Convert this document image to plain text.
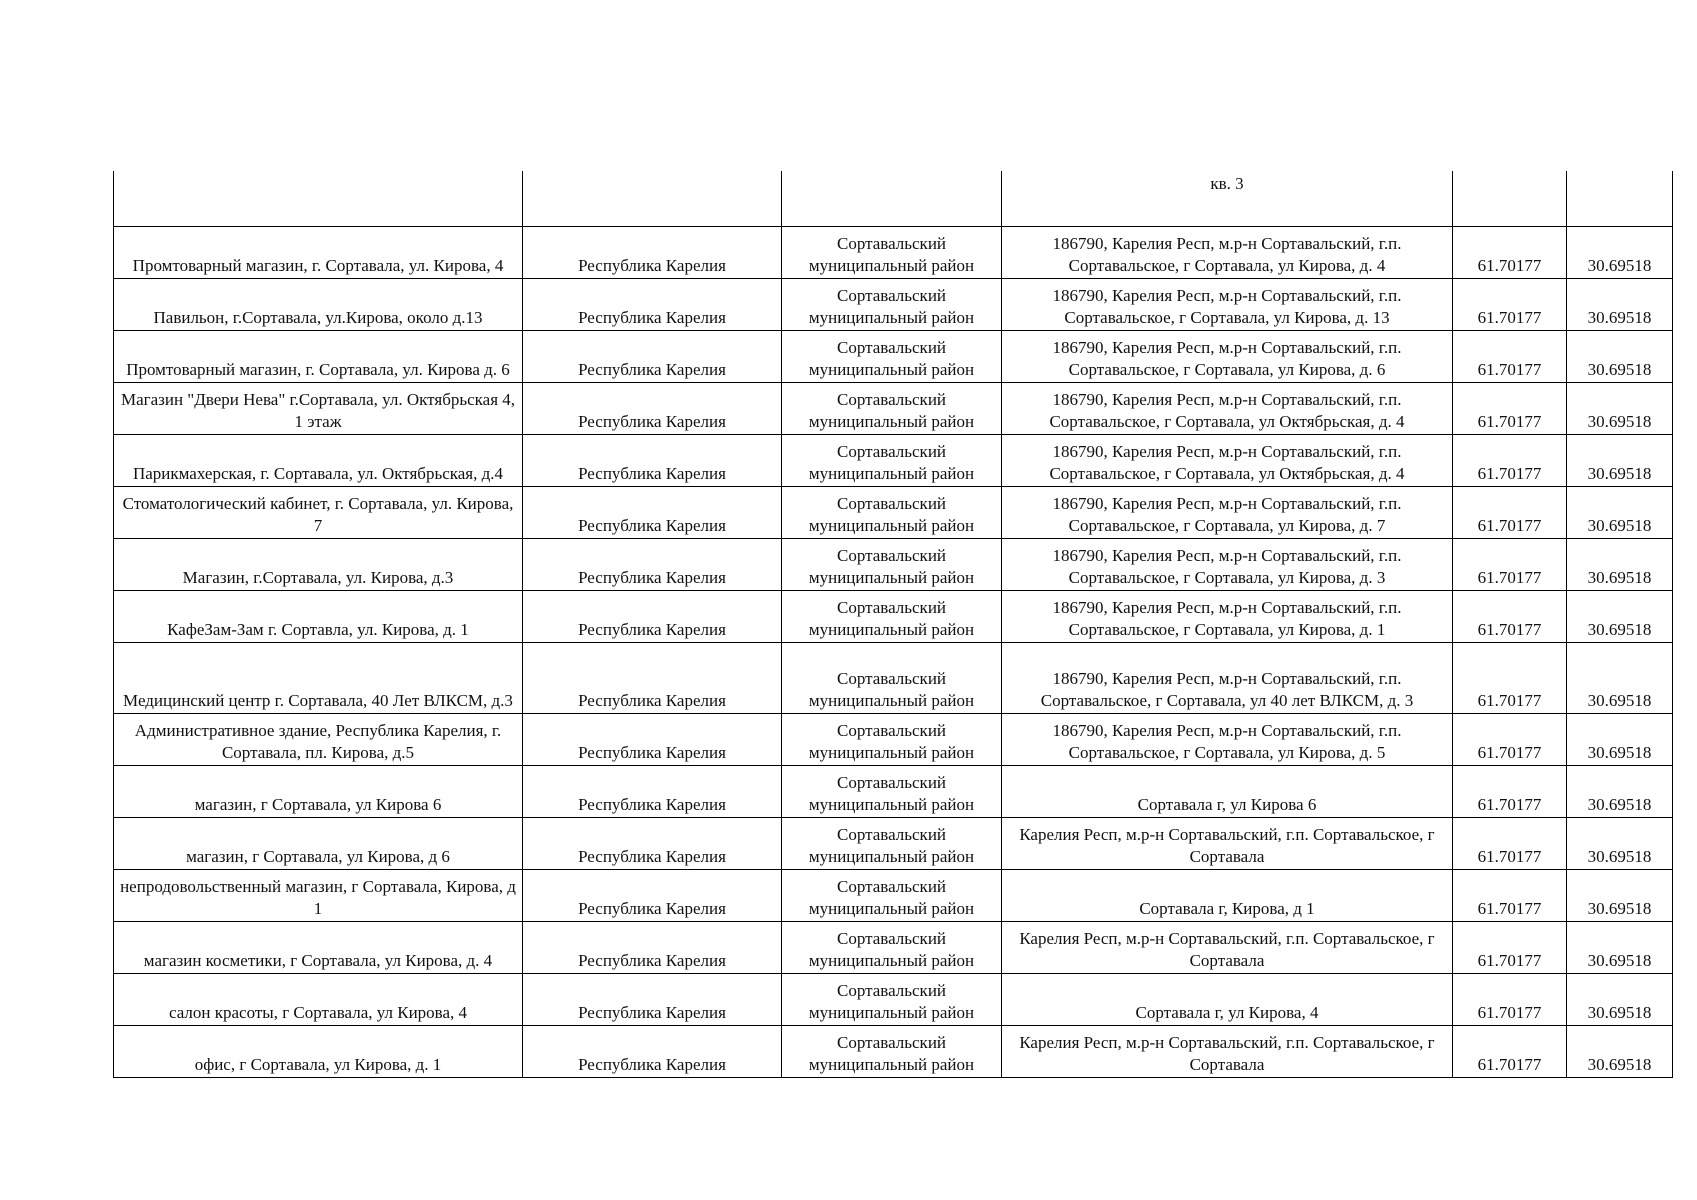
			кв. 3		
Промтоварный магазин, г. Сортавала, ул. Кирова, 4	Республика Карелия	Сортавальский муниципальный район	186790, Карелия Респ, м.р-н Сортавальский, г.п. Сортавальское, г Сортавала, ул Кирова, д. 4	61.70177	30.69518
Павильон, г.Сортавала, ул.Кирова, около д.13	Республика Карелия	Сортавальский муниципальный район	186790, Карелия Респ, м.р-н Сортавальский, г.п. Сортавальское, г Сортавала, ул Кирова, д. 13	61.70177	30.69518
Промтоварный магазин, г. Сортавала, ул. Кирова д. 6	Республика Карелия	Сортавальский муниципальный район	186790, Карелия Респ, м.р-н Сортавальский, г.п. Сортавальское, г Сортавала, ул Кирова, д. 6	61.70177	30.69518
Магазин "Двери Нева" г.Сортавала, ул. Октябрьская 4, 1 этаж	Республика Карелия	Сортавальский муниципальный район	186790, Карелия Респ, м.р-н Сортавальский, г.п. Сортавальское, г Сортавала, ул Октябрьская, д. 4	61.70177	30.69518
Парикмахерская, г. Сортавала, ул. Октябрьская, д.4	Республика Карелия	Сортавальский муниципальный район	186790, Карелия Респ, м.р-н Сортавальский, г.п. Сортавальское, г Сортавала, ул Октябрьская, д. 4	61.70177	30.69518
Стоматологический кабинет, г. Сортавала, ул. Кирова, 7	Республика Карелия	Сортавальский муниципальный район	186790, Карелия Респ, м.р-н Сортавальский, г.п. Сортавальское, г Сортавала, ул Кирова, д. 7	61.70177	30.69518
Магазин, г.Сортавала, ул. Кирова, д.3	Республика Карелия	Сортавальский муниципальный район	186790, Карелия Респ, м.р-н Сортавальский, г.п. Сортавальское, г Сортавала, ул Кирова, д. 3	61.70177	30.69518
КафеЗам-Зам г. Сортавла, ул. Кирова, д. 1	Республика Карелия	Сортавальский муниципальный район	186790, Карелия Респ, м.р-н Сортавальский, г.п. Сортавальское, г Сортавала, ул Кирова, д. 1	61.70177	30.69518
Медицинский центр г. Сортавала, 40 Лет ВЛКСМ, д.3	Республика Карелия	Сортавальский муниципальный район	186790, Карелия Респ, м.р-н Сортавальский, г.п. Сортавальское, г Сортавала, ул 40 лет ВЛКСМ, д. 3	61.70177	30.69518
Административное здание, Республика Карелия, г. Сортавала, пл. Кирова, д.5	Республика Карелия	Сортавальский муниципальный район	186790, Карелия Респ, м.р-н Сортавальский, г.п. Сортавальское, г Сортавала, ул Кирова, д. 5	61.70177	30.69518
магазин, г Сортавала, ул Кирова 6	Республика Карелия	Сортавальский муниципальный район	Сортавала г, ул Кирова 6	61.70177	30.69518
магазин, г Сортавала, ул Кирова, д 6	Республика Карелия	Сортавальский муниципальный район	Карелия Респ, м.р-н Сортавальский, г.п. Сортавальское, г Сортавала	61.70177	30.69518
непродовольственный магазин, г Сортавала, Кирова, д 1	Республика Карелия	Сортавальский муниципальный район	Сортавала г, Кирова, д 1	61.70177	30.69518
магазин косметики, г Сортавала, ул Кирова, д. 4	Республика Карелия	Сортавальский муниципальный район	Карелия Респ, м.р-н Сортавальский, г.п. Сортавальское, г Сортавала	61.70177	30.69518
салон красоты, г Сортавала, ул Кирова, 4	Республика Карелия	Сортавальский муниципальный район	Сортавала г, ул Кирова, 4	61.70177	30.69518
офис, г Сортавала, ул Кирова, д. 1	Республика Карелия	Сортавальский муниципальный район	Карелия Респ, м.р-н Сортавальский, г.п. Сортавальское, г Сортавала	61.70177	30.69518
